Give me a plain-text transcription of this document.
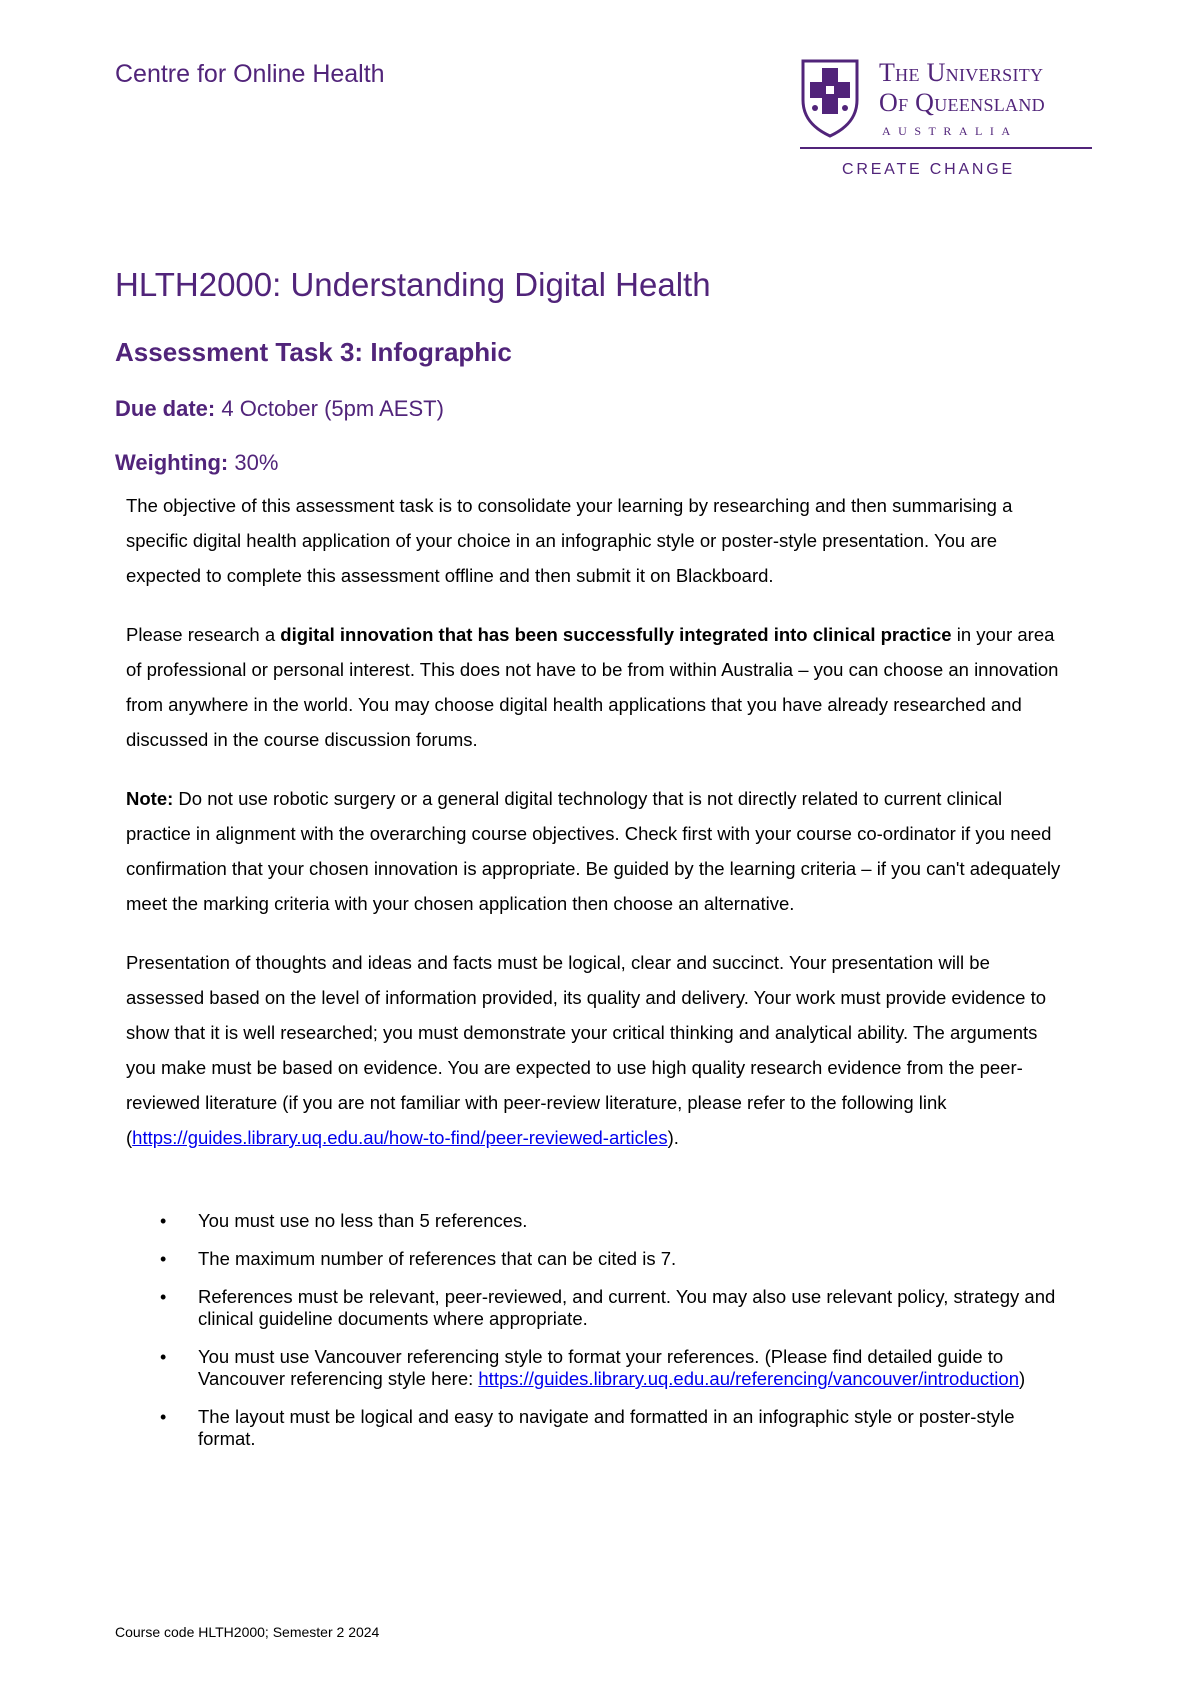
Centre for Online Health	The University
Of Queensland
AUSTRALIA
CREATE CHANGE
HLTH2000: Understanding Digital Health
Assessment Task 3: Infographic
Due date: 4 October (5pm AEST)
Weighting: 30%

The objective of this assessment task is to consolidate your learning by researching and then summarising a specific digital health application of your choice in an infographic style or poster-style presentation. You are expected to complete this assessment offline and then submit it on Blackboard.

Please research a digital innovation that has been successfully integrated into clinical practice in your area of professional or personal interest. This does not have to be from within Australia – you can choose an innovation from anywhere in the world. You may choose digital health applications that you have already researched and discussed in the course discussion forums.

Note: Do not use robotic surgery or a general digital technology that is not directly related to current clinical practice in alignment with the overarching course objectives. Check first with your course co-ordinator if you need confirmation that your chosen innovation is appropriate. Be guided by the learning criteria – if you can't adequately meet the marking criteria with your chosen application then choose an alternative.

Presentation of thoughts and ideas and facts must be logical, clear and succinct. Your presentation will be assessed based on the level of information provided, its quality and delivery. Your work must provide evidence to show that it is well researched; you must demonstrate your critical thinking and analytical ability. The arguments you make must be based on evidence. You are expected to use high quality research evidence from the peer- reviewed literature (if you are not familiar with peer-review literature, please refer to the following link (https://guides.library.uq.edu.au/how-to-find/peer-reviewed-articles).

• You must use no less than 5 references.
• The maximum number of references that can be cited is 7.
• References must be relevant, peer-reviewed, and current. You may also use relevant policy, strategy and clinical guideline documents where appropriate.
• You must use Vancouver referencing style to format your references. (Please find detailed guide to Vancouver referencing style here: https://guides.library.uq.edu.au/referencing/vancouver/introduction)
• The layout must be logical and easy to navigate and formatted in an infographic style or poster-style format.
Course code HLTH2000; Semester 2 2024
